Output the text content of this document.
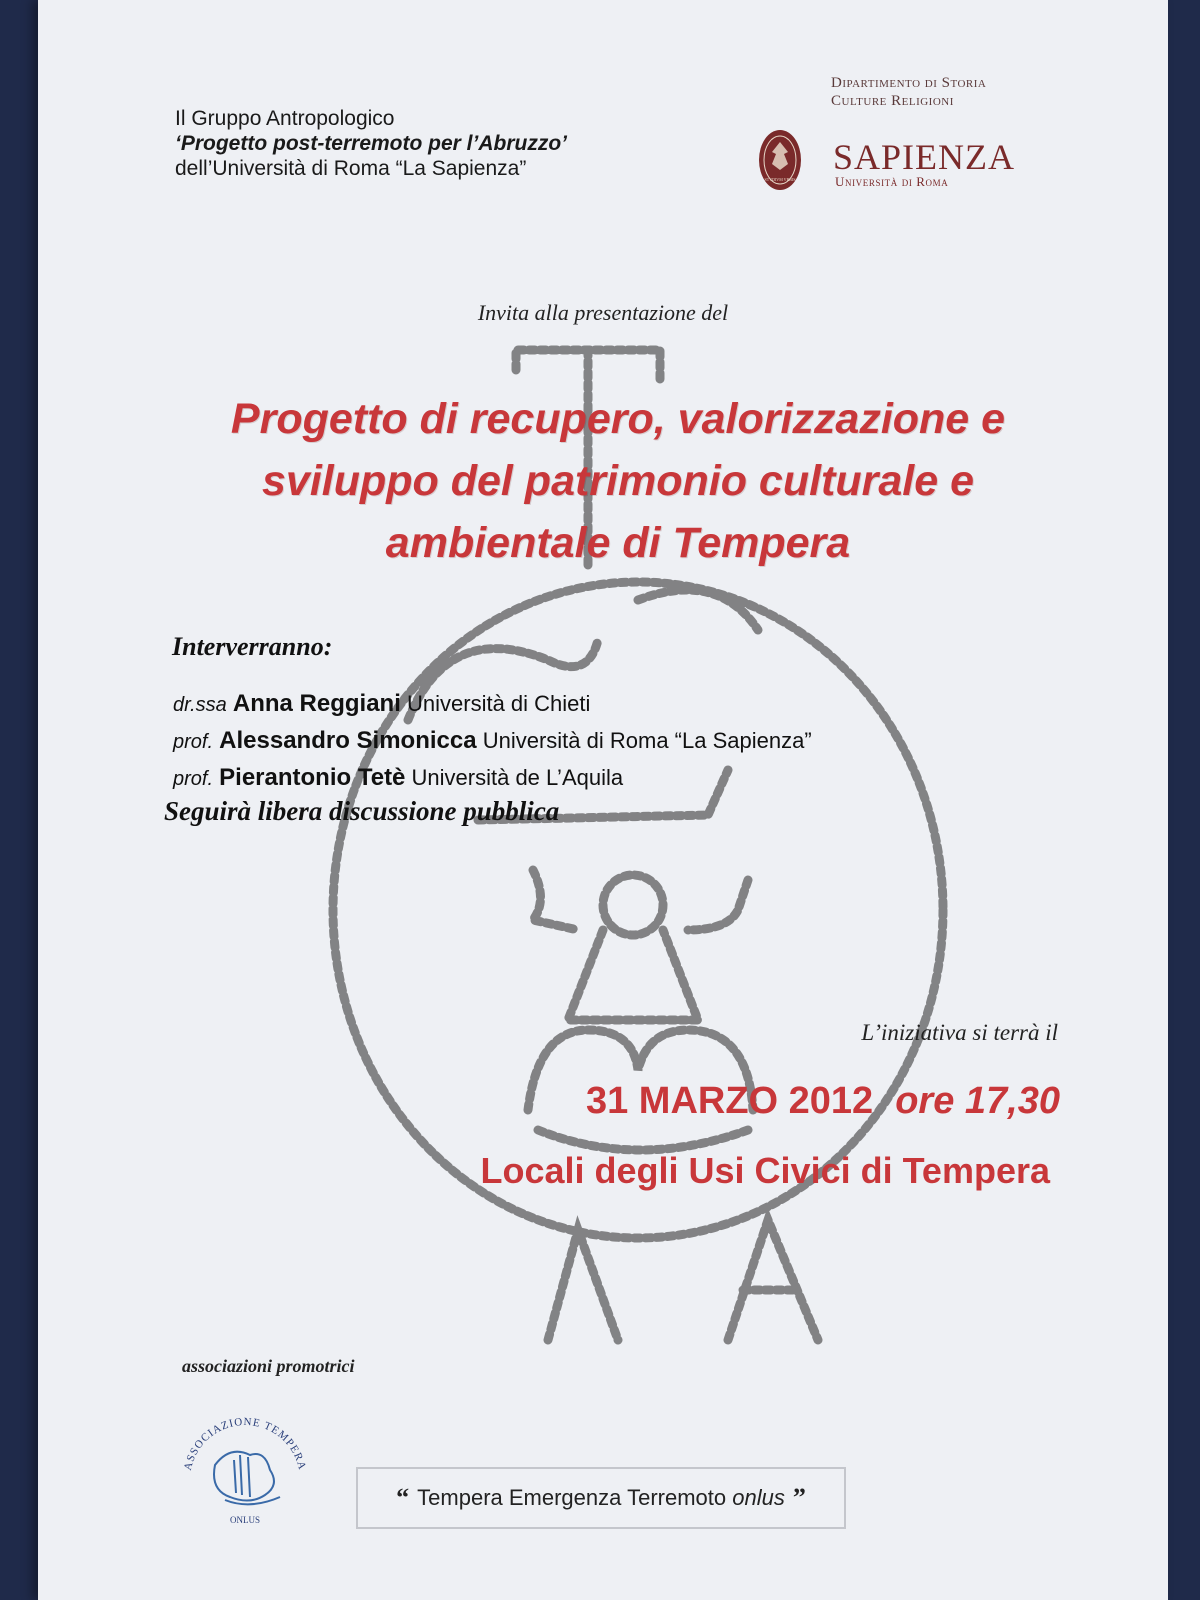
Il Gruppo Antropologico
‘Progetto post-terremoto per l’Abruzzo’
dell’Università di Roma “La Sapienza”
Dipartimento di Storia
Culture Religioni
STVDIVM VRBIS
SAPIENZA
Università di Roma
Invita alla presentazione del
Progetto di recupero, valorizzazione e
sviluppo del patrimonio culturale e
ambientale di Tempera
Interverranno:
dr.ssa Anna Reggiani Università di Chieti
prof. Alessandro Simonicca Università di Roma “La Sapienza”
prof. Pierantonio Tetè Università de L’Aquila
Seguirà libera discussione pubblica
L’iniziativa si terrà il
31 MARZO 2012 ore 17,30
Locali degli Usi Civici di Tempera
associazioni promotrici
ASSOCIAZIONE TEMPERA
ONLUS
“ Tempera Emergenza Terremoto
onlus ”
